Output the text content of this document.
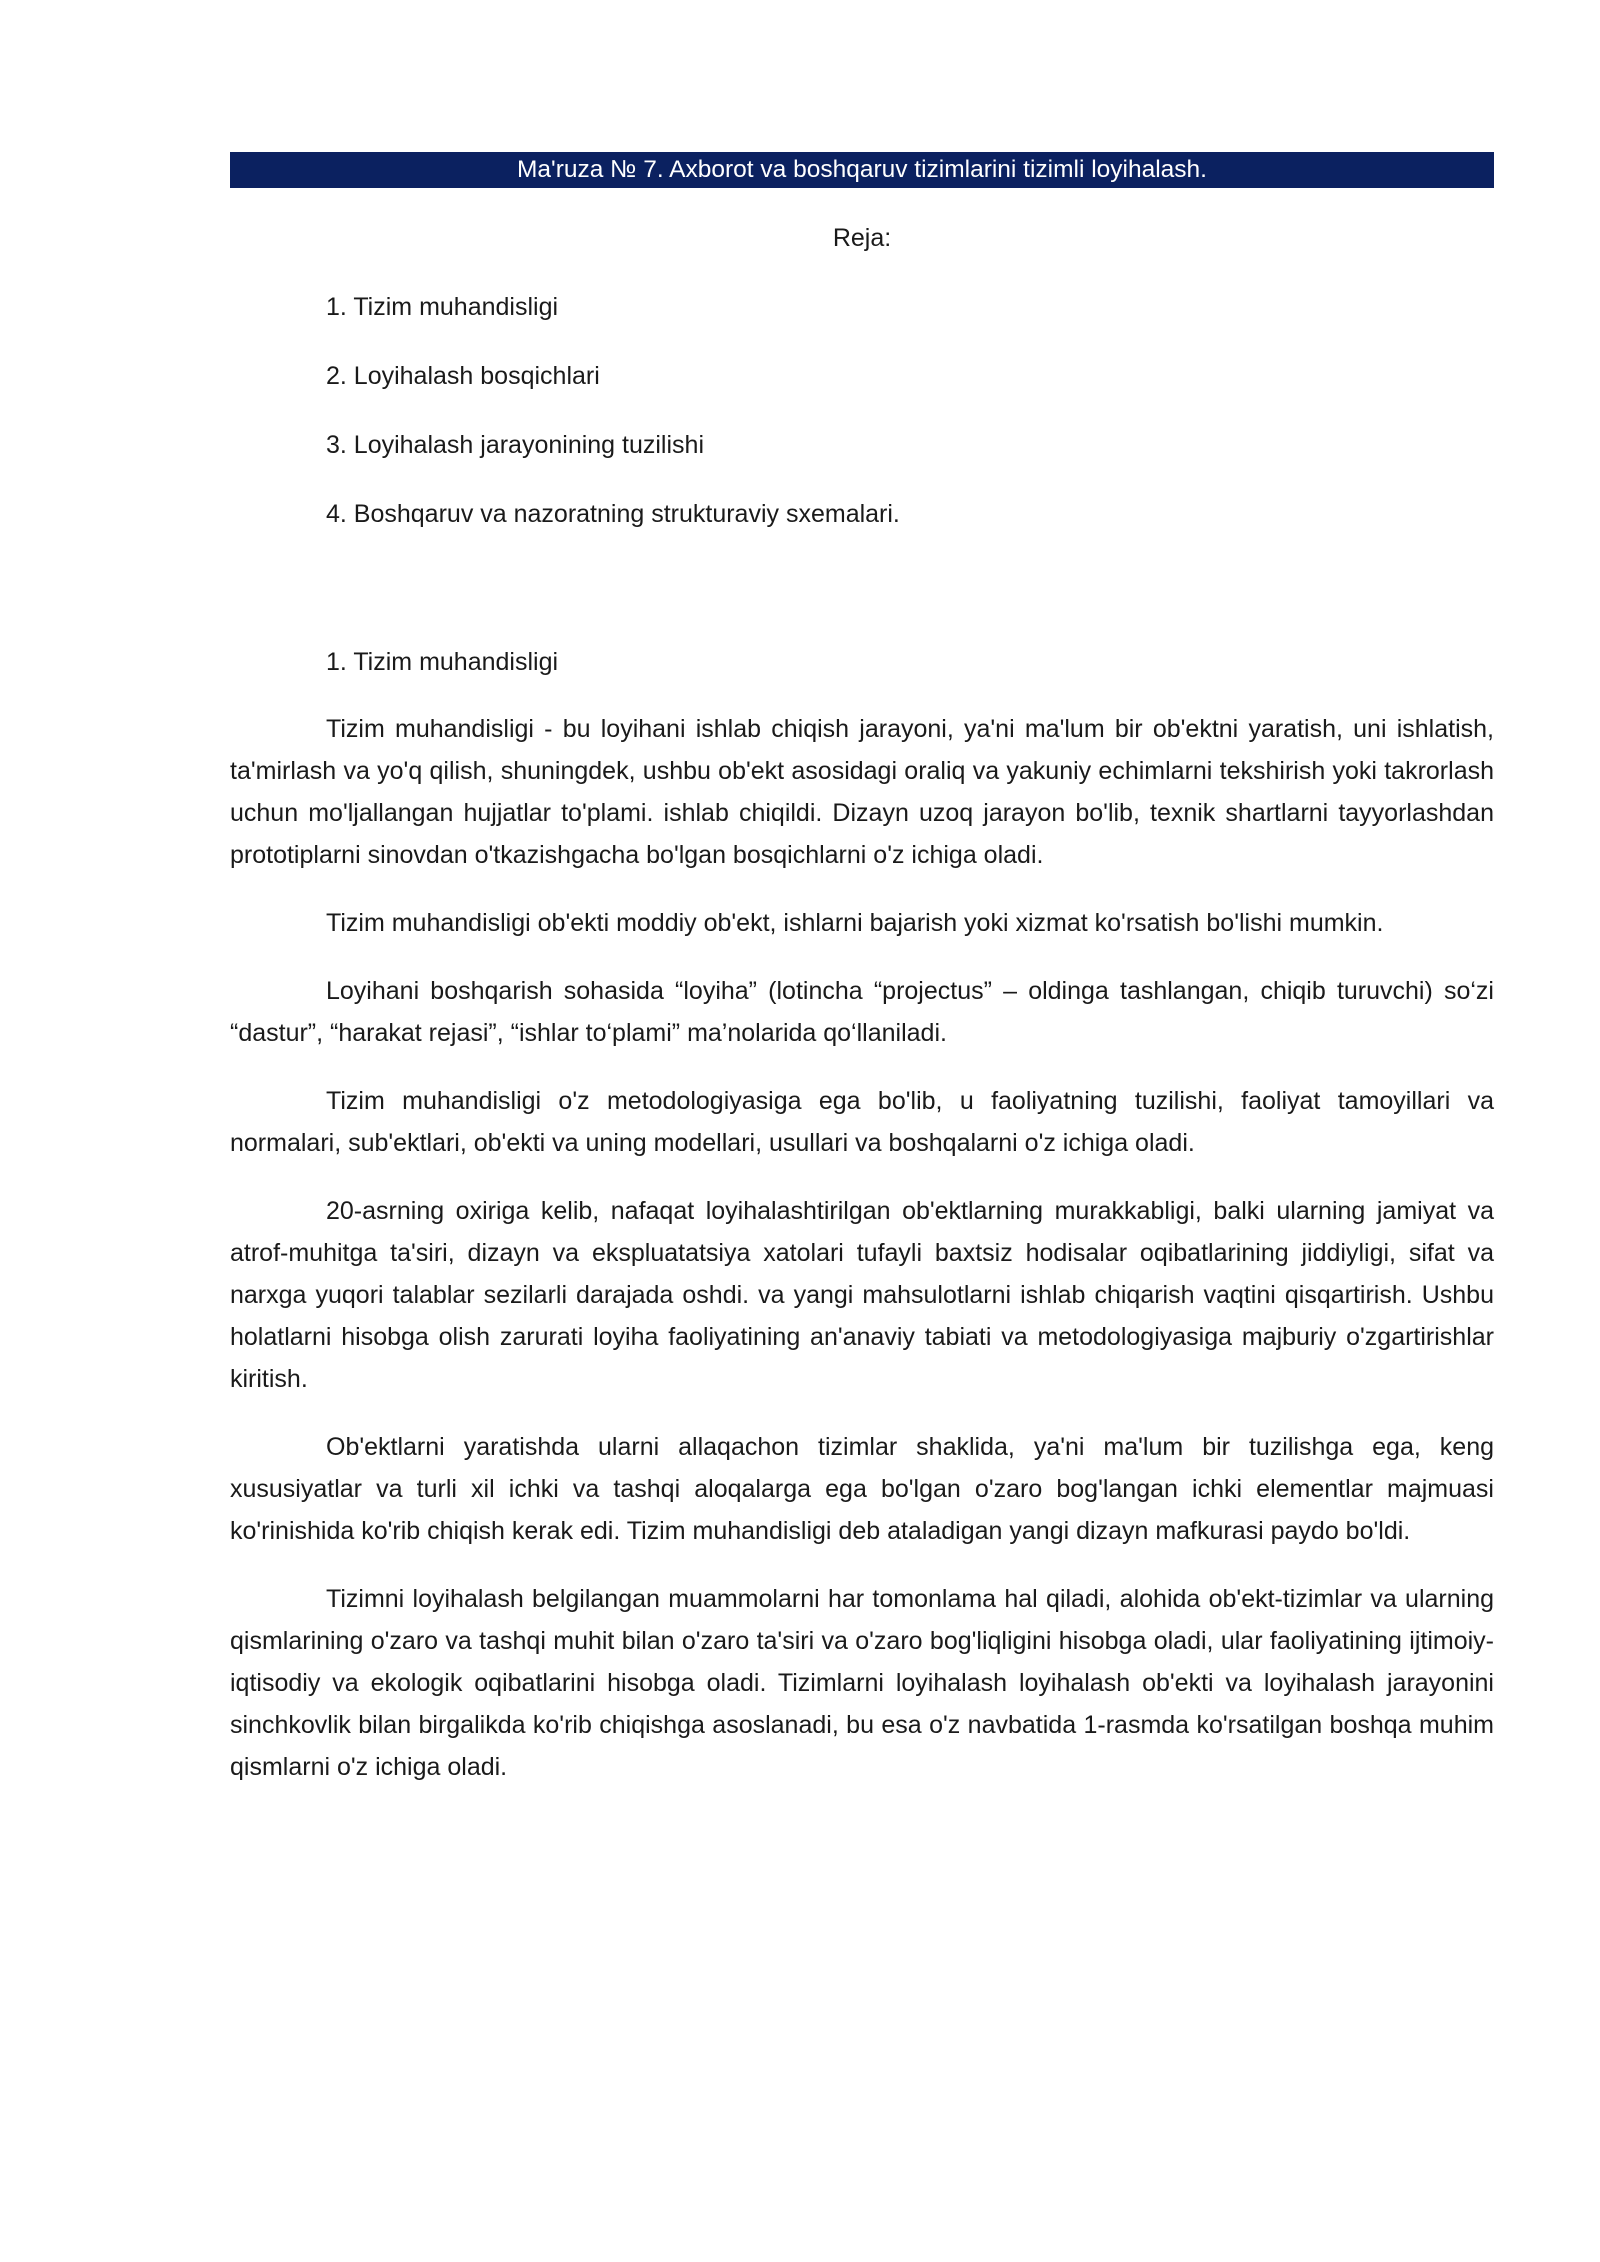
Ma'ruza № 7. Axborot va boshqaruv tizimlarini tizimli loyihalash.
Reja:
1. Tizim muhandisligi
2. Loyihalash bosqichlari
3. Loyihalash jarayonining tuzilishi
4. Boshqaruv va nazoratning strukturaviy sxemalari.
1. Tizim muhandisligi

Tizim muhandisligi - bu loyihani ishlab chiqish jarayoni, ya'ni ma'lum bir ob'ektni yaratish, uni ishlatish, ta'mirlash va yo'q qilish, shuningdek, ushbu ob'ekt asosidagi oraliq va yakuniy echimlarni tekshirish yoki takrorlash uchun mo'ljallangan hujjatlar to'plami. ishlab chiqildi. Dizayn uzoq jarayon bo'lib, texnik shartlarni tayyorlashdan prototiplarni sinovdan o'tkazishgacha bo'lgan bosqichlarni o'z ichiga oladi.

Tizim muhandisligi ob'ekti moddiy ob'ekt, ishlarni bajarish yoki xizmat ko'rsatish bo'lishi mumkin.

Loyihani boshqarish sohasida “loyiha” (lotincha “projectus” – oldinga tashlangan, chiqib turuvchi) so‘zi “dastur”, “harakat rejasi”, “ishlar to‘plami” ma’nolarida qo‘llaniladi.

Tizim muhandisligi o'z metodologiyasiga ega bo'lib, u faoliyatning tuzilishi, faoliyat tamoyillari va normalari, sub'ektlari, ob'ekti va uning modellari, usullari va boshqalarni o'z ichiga oladi.

20-asrning oxiriga kelib, nafaqat loyihalashtirilgan ob'ektlarning murakkabligi, balki ularning jamiyat va atrof-muhitga ta'siri, dizayn va ekspluatatsiya xatolari tufayli baxtsiz hodisalar oqibatlarining jiddiyligi, sifat va narxga yuqori talablar sezilarli darajada oshdi. va yangi mahsulotlarni ishlab chiqarish vaqtini qisqartirish. Ushbu holatlarni hisobga olish zarurati loyiha faoliyatining an'anaviy tabiati va metodologiyasiga majburiy o'zgartirishlar kiritish.

Ob'ektlarni yaratishda ularni allaqachon tizimlar shaklida, ya'ni ma'lum bir tuzilishga ega, keng xususiyatlar va turli xil ichki va tashqi aloqalarga ega bo'lgan o'zaro bog'langan ichki elementlar majmuasi ko'rinishida ko'rib chiqish kerak edi. Tizim muhandisligi deb ataladigan yangi dizayn mafkurasi paydo bo'ldi.

Tizimni loyihalash belgilangan muammolarni har tomonlama hal qiladi, alohida ob'ekt-tizimlar va ularning qismlarining o'zaro va tashqi muhit bilan o'zaro ta'siri va o'zaro bog'liqligini hisobga oladi, ular faoliyatining ijtimoiy-iqtisodiy va ekologik oqibatlarini hisobga oladi. Tizimlarni loyihalash loyihalash ob'ekti va loyihalash jarayonini sinchkovlik bilan birgalikda ko'rib chiqishga asoslanadi, bu esa o'z navbatida 1-rasmda ko'rsatilgan boshqa muhim qismlarni o'z ichiga oladi.
